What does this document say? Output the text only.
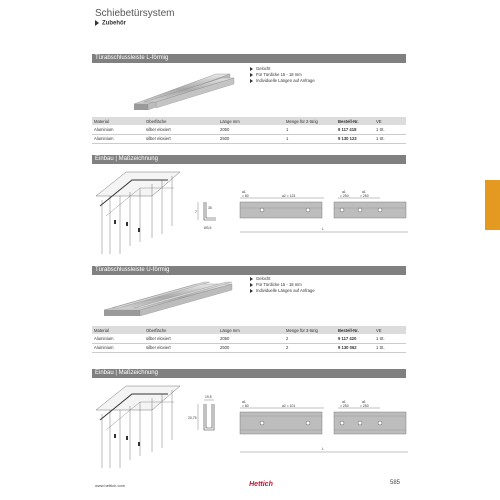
Schiebetürsystem
Zubehör
Türabschlussleiste L-förmig
Gelocht
Für Türdicke 15 - 18 mm
Individuelle Längen auf Anfrage
Material	Oberfläche	Länge mm	Menge für 2-türig	Bestell-Nr.	VE
Aluminium	silber eloxiert	2050	1	9 117 418	1 St.
Aluminium	silber eloxiert	2500	1	9 130 123	1 St.
Einbau | Maßzeichnung
7
35
Ø3,5
a1
= 80	a2 = 123
a1
= 250
a1
= 250
L
Türabschlussleiste U-förmig
Gelocht
Für Türdicke 15 - 18 mm
Individuelle Längen auf Anfrage
Material	Oberfläche	Länge mm	Menge für 3-türig	Bestell-Nr.	VE
Aluminium	silber eloxiert	2050	2	9 117 420	1 St.
Aluminium	silber eloxiert	2500	2	9 130 062	1 St.
Einbau | Maßzeichnung
19,5
20,75
a1
= 80	a2 = 101
a1
= 250
a1
= 250
L
www.hettich.com	Hettich	585
